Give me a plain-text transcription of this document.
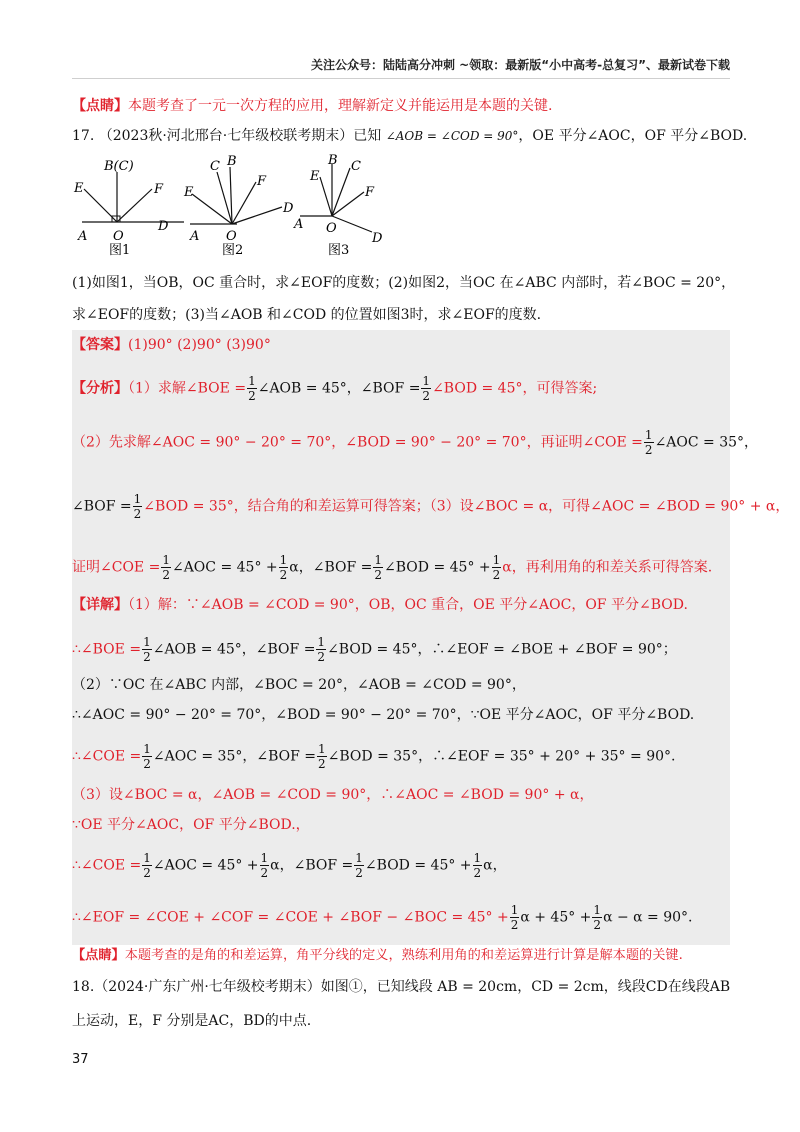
关注公众号：陆陆高分冲刺 ~领取：最新版“小中高考-总复习”、最新试卷下载
【点睛】本题考查了一元一次方程的应用，理解新定义并能运用是本题的关键.
17. （2023秋·河北邢台·七年级校联考期末）已知 ∠AOB = ∠COD = 90°，OE 平分∠AOC，OF 平分∠BOD.
B(C)
E	F
A O
D
图1
C B
E
F
D
A O
图2
B
E
C
F
A O
D
图3
(1)如图1，当OB，OC 重合时，求∠EOF的度数；(2)如图2，当OC 在∠ABC 内部时，若∠BOC = 20°，
求∠EOF的度数；(3)当∠AOB 和∠COD 的位置如图3时，求∠EOF的度数.
【答案】(1)90° (2)90° (3)90°
【分析】（1）求解∠BOE = $\frac{1}{2}$ ∠AOB = 45°，∠BOF = $\frac{1}{2}$ ∠BOD = 45°，可得答案;
（2）先求解∠AOC = 90° − 20° = 70°，∠BOD = 90° − 20° = 70°，再证明∠COE = $\frac{1}{2}$ ∠AOC = 35°，
∠BOF = $\frac{1}{2}$ ∠BOD = 35°，结合角的和差运算可得答案；（3）设∠BOC = α，可得∠AOC = ∠BOD = 90° + α，
证明∠COE = $\frac{1}{2}$ ∠AOC = $45^\circ + \frac{1}{2}$ α，∠BOF = $\frac{1}{2}$ ∠BOD = $45^\circ + \frac{1}{2}$ α，再利用角的和差关系可得答案.
【详解】（1）解：∵∠AOB = ∠COD = 90°，OB，OC 重合，OE 平分∠AOC，OF 平分∠BOD.
∴∠BOE = $\frac{1}{2}$ ∠AOB = 45°，∠BOF = $\frac{1}{2}$ ∠BOD = 45°，∴∠EOF = ∠BOE + ∠BOF = 90°；
（2）∵OC 在∠ABC 内部，∠BOC = 20°，∠AOB = ∠COD = 90°，
∴∠AOC = 90° − 20° = 70°，∠BOD = 90° − 20° = 70°，∵OE 平分∠AOC，OF 平分∠BOD.
∴∠COE = $\frac{1}{2}$ ∠AOC = 35°，∠BOF = $\frac{1}{2}$ ∠BOD = 35°，∴∠EOF = 35° + 20° + 35° = 90°.
（3）设∠BOC = α，∠AOB = ∠COD = 90°，∴∠AOC = ∠BOD = 90° + α，
∵OE 平分∠AOC，OF 平分∠BOD.，
∴∠COE = $\frac{1}{2}$ ∠AOC = $45^\circ + \frac{1}{2}$ α，∠BOF = $\frac{1}{2}$ ∠BOD = $45^\circ + \frac{1}{2}$ α，
∴∠EOF = ∠COE + ∠COF = ∠COE + ∠BOF − ∠BOC = $45^\circ + \frac{1}{2}$ $\alpha + 45^\circ + \frac{1}{2}$ α − α = 90°.
【点睛】本题考查的是角的和差运算，角平分线的定义，熟练利用角的和差运算进行计算是解本题的关键.
18.（2024·广东广州·七年级校考期末）如图①，已知线段 AB = 20cm，CD = 2cm，线段CD在线段AB
上运动，E，F 分别是AC，BD的中点.
37
